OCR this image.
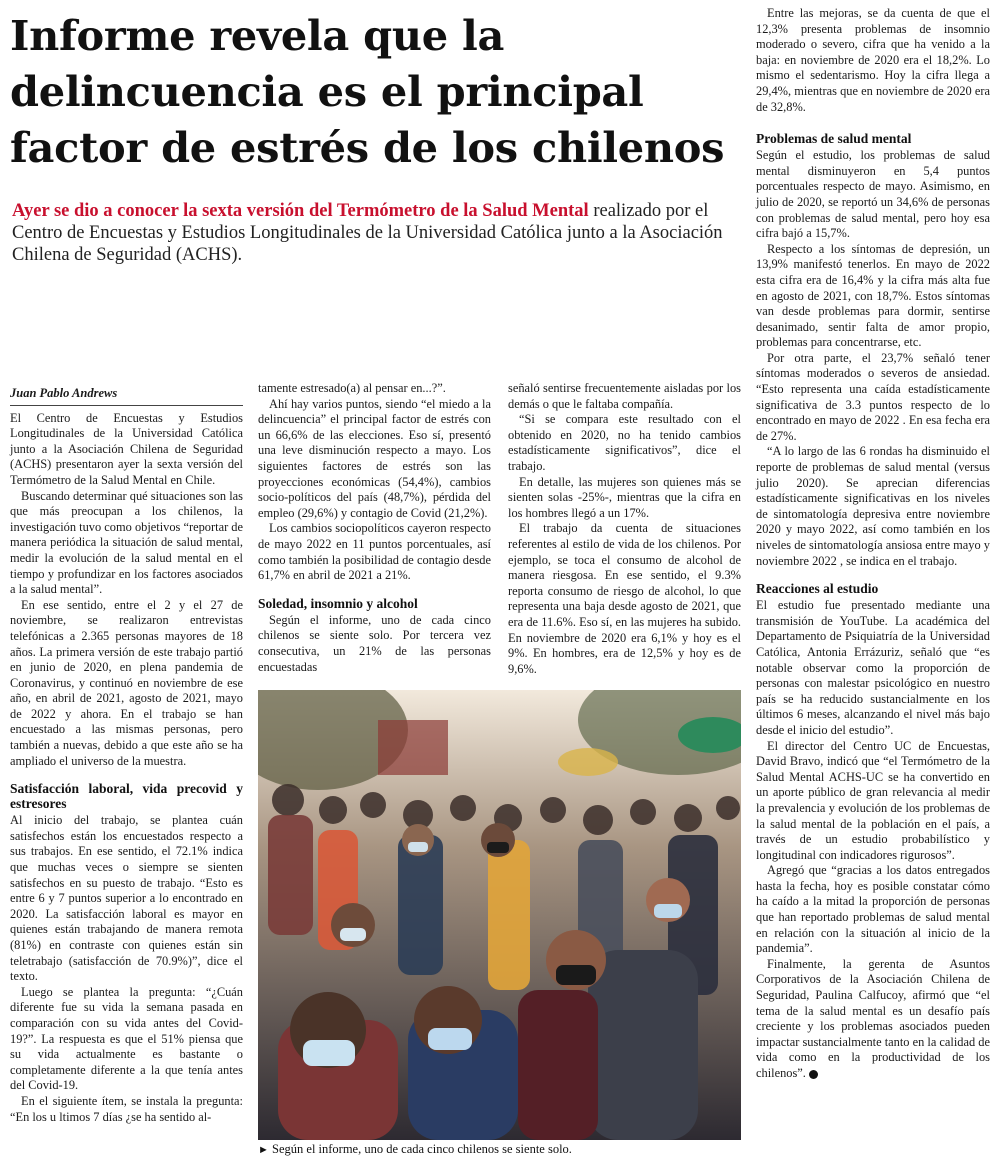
Informe revela que la delincuencia es el principal factor de estrés de los chilenos
Ayer se dio a conocer la sexta versión del Termómetro de la Salud Mental realizado por el Centro de Encuestas y Estudios Longitudinales de la Universidad Católica junto a la Asociación Chilena de Seguridad (ACHS).
Juan Pablo Andrews

El Centro de Encuestas y Estudios Longitudinales de la Universidad Católica junto a la Asociación Chilena de Seguridad (ACHS) presentaron ayer la sexta versión del Termómetro de la Salud Mental en Chile.

Buscando determinar qué situaciones son las que más preocupan a los chilenos, la investigación tuvo como objetivos “reportar de manera periódica la situación de salud mental, medir la evolución de la salud mental en el tiempo y profundizar en los factores asociados a la salud mental”.

En ese sentido, entre el 2 y el 27 de noviembre, se realizaron entrevistas telefónicas a 2.365 personas mayores de 18 años. La primera versión de este trabajo partió en junio de 2020, en plena pandemia de Coronavirus, y continuó en noviembre de ese año, en abril de 2021, agosto de 2021, mayo de 2022 y ahora. En el trabajo se han encuestado a las mismas personas, pero también a nuevas, debido a que este año se ha ampliado el universo de la muestra.

Satisfacción laboral, vida precovid y estresores

Al inicio del trabajo, se plantea cuán satisfechos están los encuestados respecto a sus trabajos. En ese sentido, el 72.1% indica que muchas veces o siempre se sienten satisfechos en su puesto de trabajo. “Esto es entre 6 y 7 puntos superior a lo encontrado en 2020. La satisfacción laboral es mayor en quienes están trabajando de manera remota (81%) en contraste con quienes están sin teletrabajo (satisfacción de 70.9%)”, dice el texto.

Luego se plantea la pregunta: “¿Cuán diferente fue su vida la semana pasada en comparación con su vida antes del Covid-19?”. La respuesta es que el 51% piensa que su vida actualmente es bastante o completamente diferente a la que tenía antes del Covid-19.

En el siguiente ítem, se instala la pregunta: “En los u ltimos 7 días ¿se ha sentido al-

tamente estresado(a) al pensar en...?”.

Ahí hay varios puntos, siendo “el miedo a la delincuencia” el principal factor de estrés con un 66,6% de las elecciones. Eso sí, presentó una leve disminución respecto a mayo. Los siguientes factores de estrés son las proyecciones económicas (54,4%), cambios socio-políticos del país (48,7%), pérdida del empleo (29,6%) y contagio de Covid (21,2%).

Los cambios sociopolíticos cayeron respecto de mayo 2022 en 11 puntos porcentuales, así como también la posibilidad de contagio desde 61,7% en abril de 2021 a 21%.

Soledad, insomnio y alcohol

Según el informe, uno de cada cinco chilenos se siente solo. Por tercera vez consecutiva, un 21% de las personas encuestadas

señaló sentirse frecuentemente aisladas por los demás o que le faltaba compañía.

“Si se compara este resultado con el obtenido en 2020, no ha tenido cambios estadísticamente significativos”, dice el trabajo.

En detalle, las mujeres son quienes más se sienten solas -25%-, mientras que la cifra en los hombres llegó a un 17%.

El trabajo da cuenta de situaciones referentes al estilo de vida de los chilenos. Por ejemplo, se toca el consumo de alcohol de manera riesgosa. En ese sentido, el 9.3% reporta consumo de riesgo de alcohol, lo que representa una baja desde agosto de 2021, que era de 11.6%. Eso sí, en las mujeres ha subido. En noviembre de 2020 era 6,1% y hoy es el 9%. En hombres, era de 12,5% y hoy es de 9,6%.

Entre las mejoras, se da cuenta de que el 12,3% presenta problemas de insomnio moderado o severo, cifra que ha venido a la baja: en noviembre de 2020 era el 18,2%. Lo mismo el sedentarismo. Hoy la cifra llega a 29,4%, mientras que en noviembre de 2020 era de 32,8%.

Problemas de salud mental

Según el estudio, los problemas de salud mental disminuyeron en 5,4 puntos porcentuales respecto de mayo. Asimismo, en julio de 2020, se reportó un 34,6% de personas con problemas de salud mental, pero hoy esa cifra bajó a 15,7%.

Respecto a los síntomas de depresión, un 13,9% manifestó tenerlos. En mayo de 2022 esta cifra era de 16,4% y la cifra más alta fue en agosto de 2021, con 18,7%. Estos síntomas van desde problemas para dormir, sentirse desanimado, sentir falta de amor propio, problemas para concentrarse, etc.

Por otra parte, el 23,7% señaló tener síntomas moderados o severos de ansiedad. “Esto representa una caída estadísticamente significativa de 3.3 puntos respecto de lo encontrado en mayo de 2022 . En esa fecha era de 27%.

“A lo largo de las 6 rondas ha disminuido el reporte de problemas de salud mental (versus julio 2020). Se aprecian diferencias estadísticamente significativas en los niveles de sintomatología depresiva entre noviembre 2020 y mayo 2022, así como también en los niveles de sintomatología ansiosa entre mayo y noviembre 2022 , se indica en el trabajo.

Reacciones al estudio

El estudio fue presentado mediante una transmisión de YouTube. La académica del Departamento de Psiquiatría de la Universidad Católica, Antonia Errázuriz, señaló que “es notable observar como la proporción de personas con malestar psicológico en nuestro país se ha reducido sustancialmente en los últimos 6 meses, alcanzando el nivel más bajo desde el inicio del estudio”.

El director del Centro UC de Encuestas, David Bravo, indicó que “el Termómetro de la Salud Mental ACHS-UC se ha convertido en un aporte público de gran relevancia al medir la prevalencia y evolución de los problemas de la salud mental de la población en el país, a través de un estudio probabilístico y longitudinal con indicadores rigurosos”.

Agregó que “gracias a los datos entregados hasta la fecha, hoy es posible constatar cómo ha caído a la mitad la proporción de personas que han reportado problemas de salud mental en relación con la situación al inicio de la pandemia”.

Finalmente, la gerenta de Asuntos Corporativos de la Asociación Chilena de Seguridad, Paulina Calfucoy, afirmó que “el tema de la salud mental es un desafío país creciente y los problemas asociados pueden impactar sustancialmente tanto en la calidad de vida como en la productividad de los chilenos”.

► Según el informe, uno de cada cinco chilenos se siente solo.
